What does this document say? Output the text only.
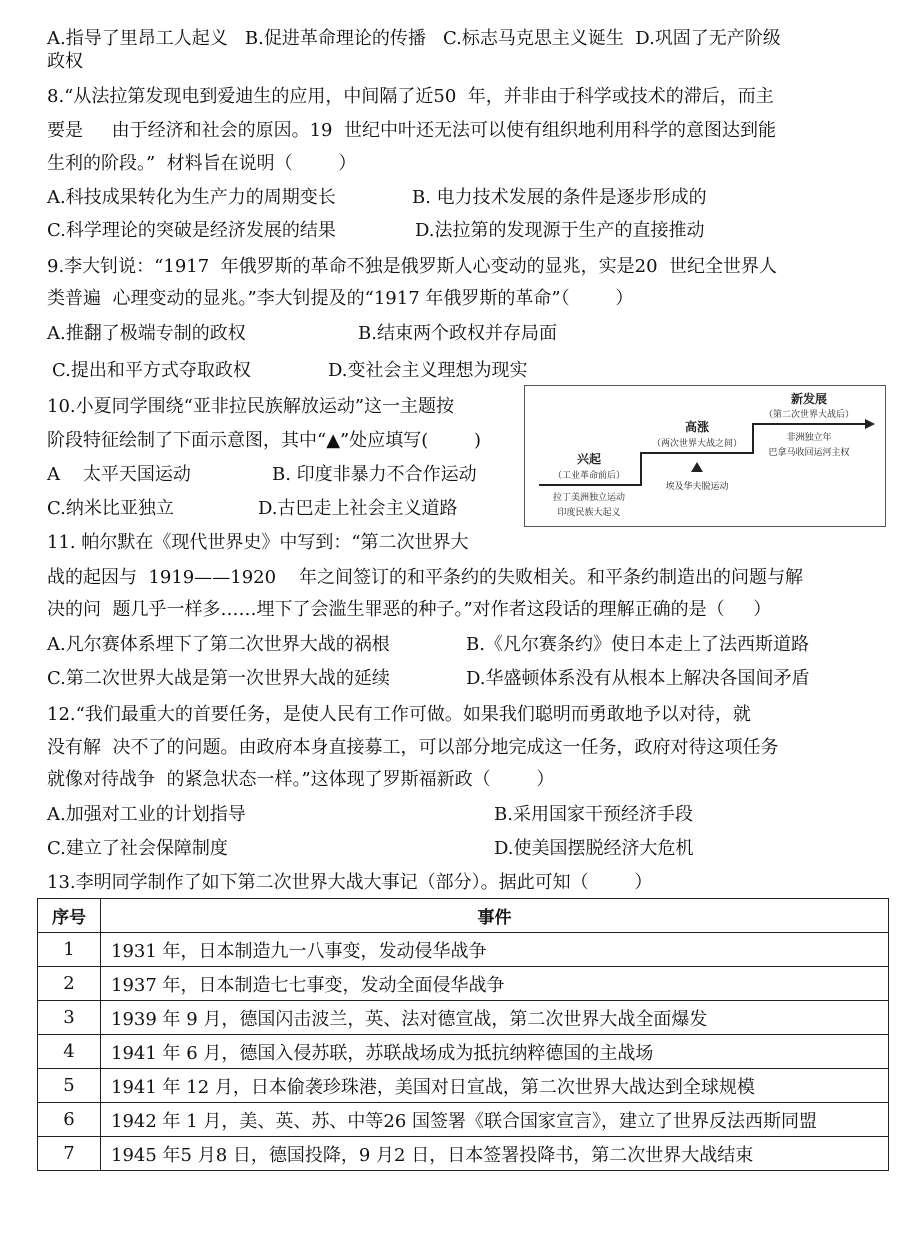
A.指导了里昂工人起义   B.促进革命理论的传播   C.标志马克思主义诞生  D.巩固了无产阶级
政权
8.“从法拉第发现电到爱迪生的应用，中间隔了近50  年，并非由于科学或技术的滞后，而主
要是     由于经济和社会的原因。19  世纪中叶还无法可以使有组织地利用科学的意图达到能
生利的阶段。”  材料旨在说明（        ）
A.科技成果转化为生产力的周期变长	B. 电力技术发展的条件是逐步形成的
C.科学理论的突破是经济发展的结果	D.法拉第的发现源于生产的直接推动
9.李大钊说：“1917  年俄罗斯的革命不独是俄罗斯人心变动的显兆，实是20  世纪全世界人
类普遍  心理变动的显兆。”李大钊提及的“1917 年俄罗斯的革命”（        ）
A.推翻了极端专制的政权	B.结束两个政权并存局面
C.提出和平方式夺取政权	D.变社会主义理想为现实
10.小夏同学围绕“亚非拉民族解放运动”这一主题按
阶段特征绘制了下面示意图，其中“▲”处应填写(        )
A    太平天国运动	B. 印度非暴力不合作运动
C.纳米比亚独立	D.古巴走上社会主义道路
兴起
（工业革命前后）
拉丁美洲独立运动
印度民族大起义
高涨
（两次世界大战之间）
埃及华夫脱运动
新发展
（第二次世界大战后）
非洲独立年
巴拿马收回运河主权
11. 帕尔默在《现代世界史》中写到：“第二次世界大
战的起因与  1919——1920    年之间签订的和平条约的失败相关。和平条约制造出的问题与解
决的问  题几乎一样多……埋下了会滥生罪恶的种子。”对作者这段话的理解正确的是（     ）
A.凡尔赛体系埋下了第二次世界大战的祸根	B.《凡尔赛条约》使日本走上了法西斯道路
C.第二次世界大战是第一次世界大战的延续	D.华盛顿体系没有从根本上解决各国间矛盾
12.“我们最重大的首要任务，是使人民有工作可做。如果我们聪明而勇敢地予以对待，就
没有解  决不了的问题。由政府本身直接募工，可以部分地完成这一任务，政府对待这项任务
就像对待战争  的紧急状态一样。”这体现了罗斯福新政（        ）
A.加强对工业的计划指导	B.采用国家干预经济手段
C.建立了社会保障制度	D.使美国摆脱经济大危机
13.李明同学制作了如下第二次世界大战大事记（部分）。据此可知（        ）
序号	事件
1	1931 年，日本制造九一八事变，发动侵华战争
2	1937 年，日本制造七七事变，发动全面侵华战争
3	1939 年 9 月，德国闪击波兰，英、法对德宣战，第二次世界大战全面爆发
4	1941 年 6 月，德国入侵苏联，苏联战场成为抵抗纳粹德国的主战场
5	1941 年 12 月，日本偷袭珍珠港，美国对日宣战，第二次世界大战达到全球规模
6	1942 年 1 月，美、英、苏、中等26 国签署《联合国家宣言》，建立了世界反法西斯同盟
7	1945 年5 月8 日，德国投降，9 月2 日，日本签署投降书，第二次世界大战结束
